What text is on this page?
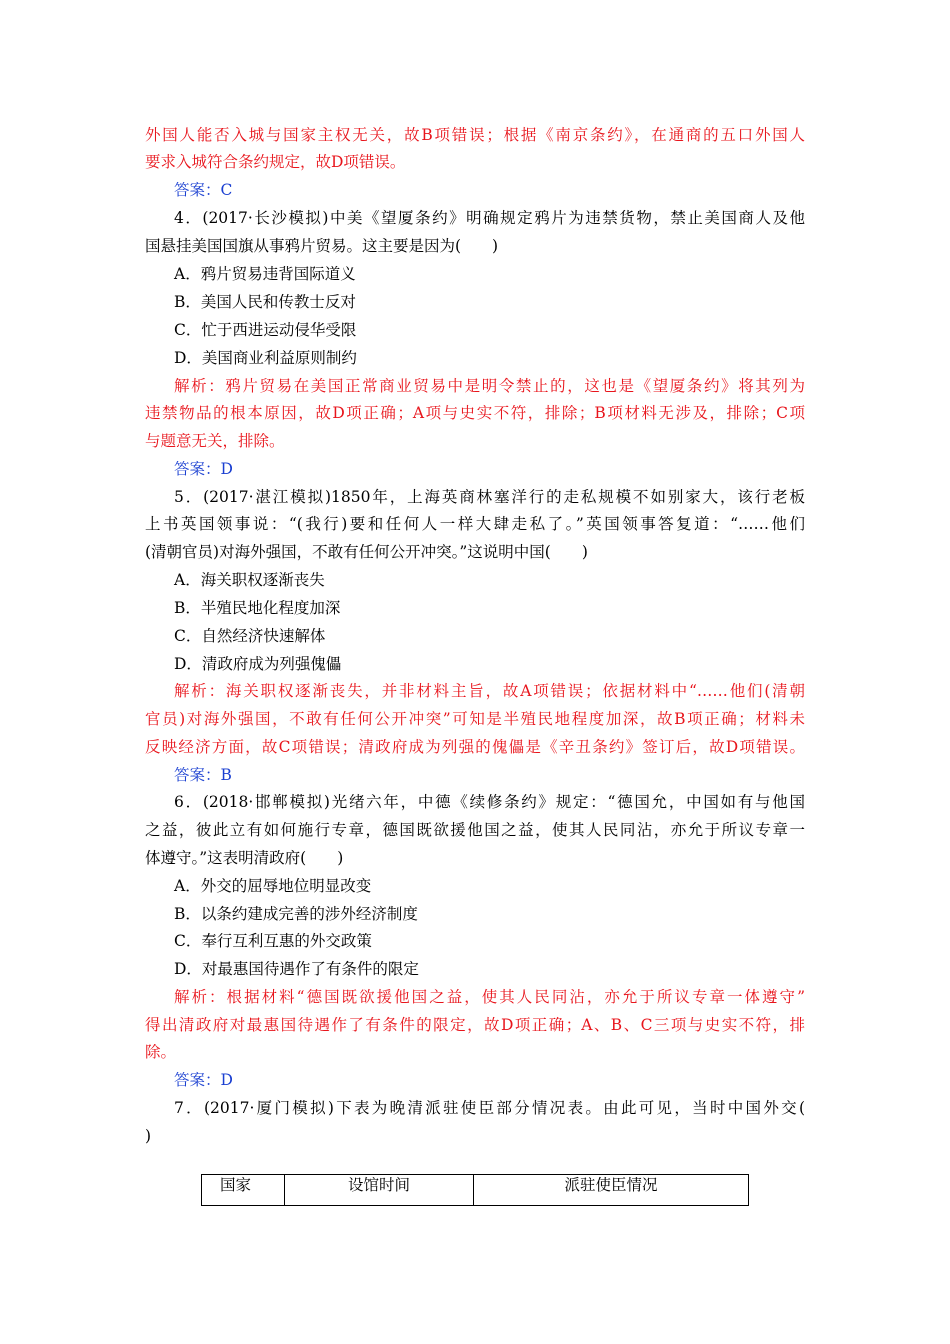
外国人能否入城与国家主权无关，故B项错误；根据《南京条约》，在通商的五口外国人
要求入城符合条约规定，故D项错误。
答案：C
4．(2017·长沙模拟)中美《望厦条约》明确规定鸦片为违禁货物，禁止美国商人及他
国悬挂美国国旗从事鸦片贸易。这主要是因为(　　)
A．鸦片贸易违背国际道义
B．美国人民和传教士反对
C．忙于西进运动侵华受限
D．美国商业利益原则制约
解析：鸦片贸易在美国正常商业贸易中是明令禁止的，这也是《望厦条约》将其列为
违禁物品的根本原因，故D项正确；A项与史实不符，排除；B项材料无涉及，排除；C项
与题意无关，排除。
答案：D
5．(2017·湛江模拟)1850年，上海英商林塞洋行的走私规模不如别家大，该行老板
上书英国领事说：“(我行)要和任何人一样大肆走私了。”英国领事答复道：“……他们
(清朝官员)对海外强国，不敢有任何公开冲突。”这说明中国(　　)
A．海关职权逐渐丧失
B．半殖民地化程度加深
C．自然经济快速解体
D．清政府成为列强傀儡
解析：海关职权逐渐丧失，并非材料主旨，故A项错误；依据材料中“……他们(清朝
官员)对海外强国，不敢有任何公开冲突”可知是半殖民地程度加深，故B项正确；材料未
反映经济方面，故C项错误；清政府成为列强的傀儡是《辛丑条约》签订后，故D项错误。
答案：B
6．(2018·邯郸模拟)光绪六年，中德《续修条约》规定：“德国允，中国如有与他国
之益，彼此立有如何施行专章，德国既欲援他国之益，使其人民同沾，亦允于所议专章一
体遵守。”这表明清政府(　　)
A．外交的屈辱地位明显改变
B．以条约建成完善的涉外经济制度
C．奉行互利互惠的外交政策
D．对最惠国待遇作了有条件的限定
解析：根据材料“德国既欲援他国之益，使其人民同沾，亦允于所议专章一体遵守”
得出清政府对最惠国待遇作了有条件的限定，故D项正确；A、B、C三项与史实不符，排
除。
答案：D
7．(2017·厦门模拟)下表为晚清派驻使臣部分情况表。由此可见，当时中国外交(
)
国家	设馆时间	派驻使臣情况
